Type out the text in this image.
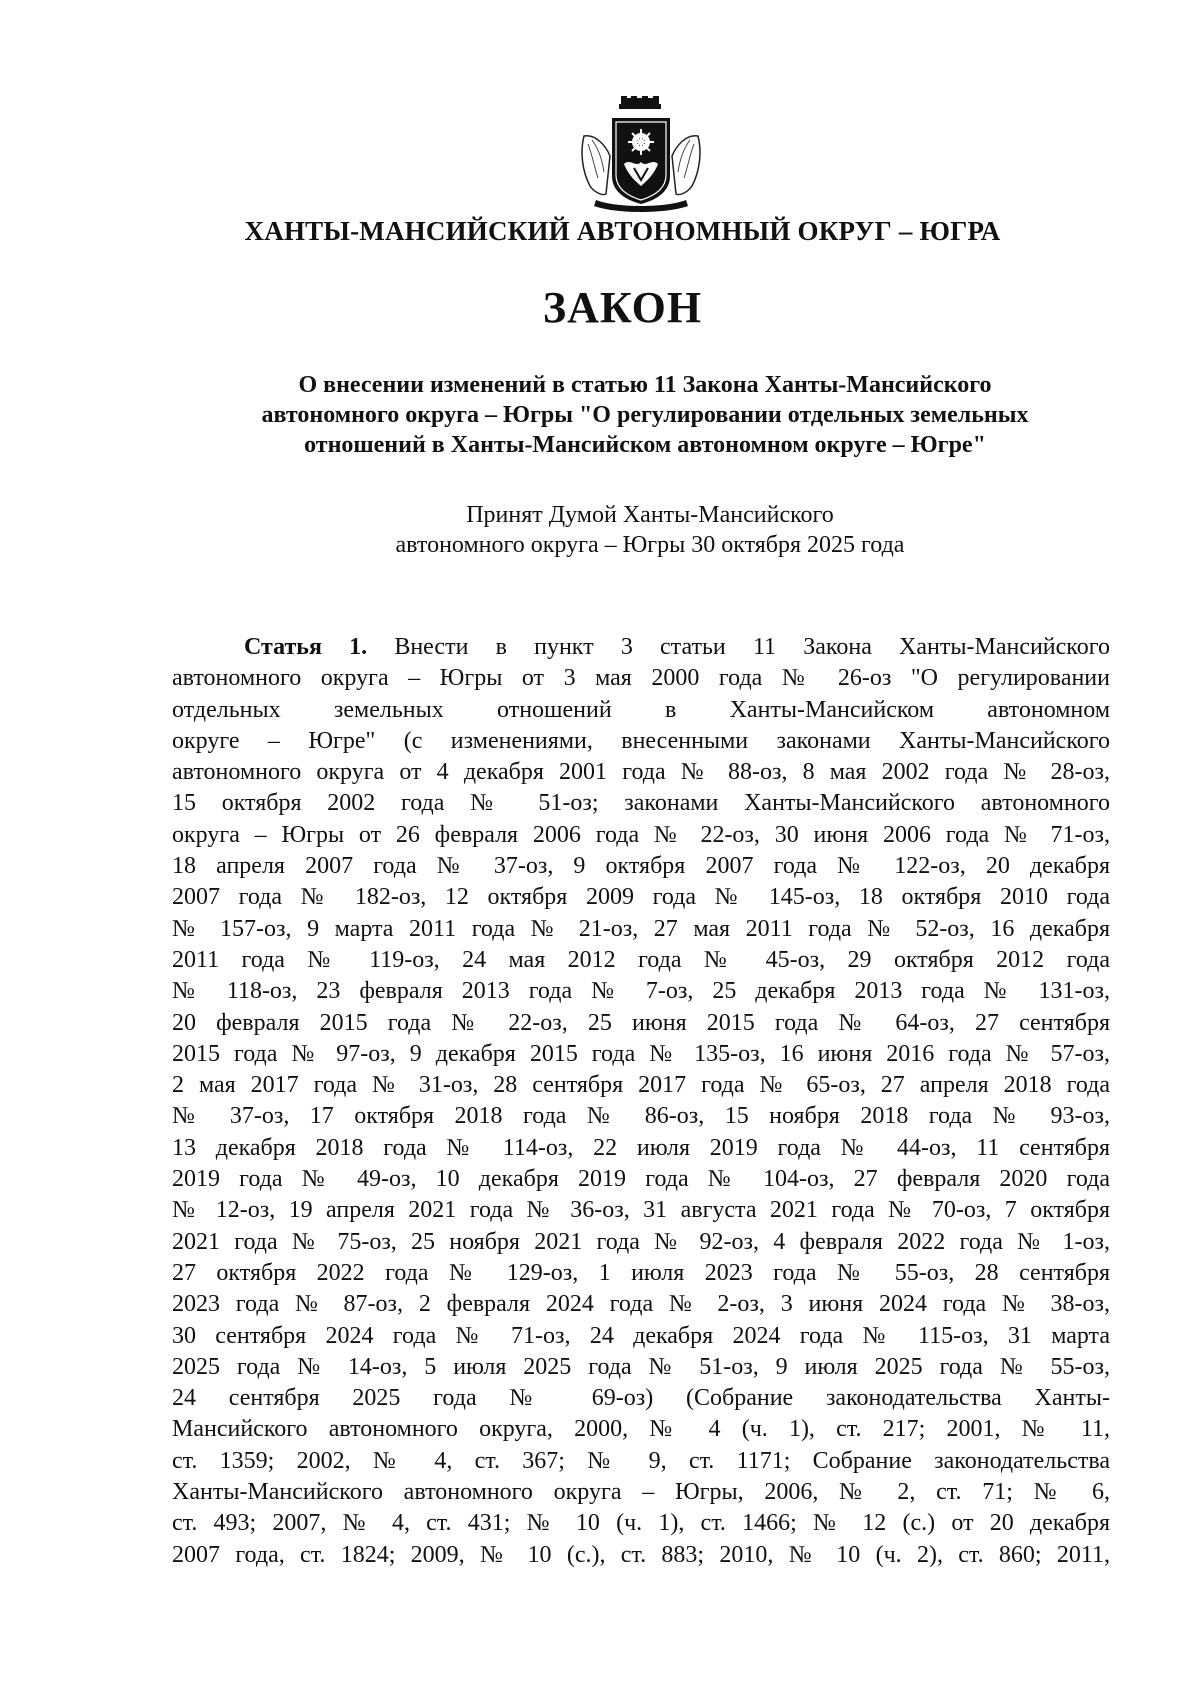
ХАНТЫ-МАНСИЙСКИЙ АВТОНОМНЫЙ ОКРУГ – ЮГРА
ЗАКОН
О внесении изменений в статью 11 Закона Ханты-Мансийского
автономного округа – Югры "О регулировании отдельных земельных
отношений в Ханты-Мансийском автономном округе – Югре"
Принят Думой Ханты-Мансийского
автономного округа – Югры 30 октября 2025 года
Статья 1. Внести в пункт 3 статьи 11 Закона Ханты-Мансийского
автономного округа – Югры от 3 мая 2000 года № 26-оз "О регулировании
отдельных земельных отношений в Ханты-Мансийском автономном
округе – Югре" (с изменениями, внесенными законами Ханты-Мансийского
автономного округа от 4 декабря 2001 года № 88-оз, 8 мая 2002 года № 28-оз,
15 октября 2002 года № 51-оз; законами Ханты-Мансийского автономного
округа – Югры от 26 февраля 2006 года № 22-оз, 30 июня 2006 года № 71-оз,
18 апреля 2007 года № 37-оз, 9 октября 2007 года № 122-оз, 20 декабря
2007 года № 182-оз, 12 октября 2009 года № 145-оз, 18 октября 2010 года
№ 157-оз, 9 марта 2011 года № 21-оз, 27 мая 2011 года № 52-оз, 16 декабря
2011 года № 119-оз, 24 мая 2012 года № 45-оз, 29 октября 2012 года
№ 118-оз, 23 февраля 2013 года № 7-оз, 25 декабря 2013 года № 131-оз,
20 февраля 2015 года № 22-оз, 25 июня 2015 года № 64-оз, 27 сентября
2015 года № 97-оз, 9 декабря 2015 года № 135-оз, 16 июня 2016 года № 57-оз,
2 мая 2017 года № 31-оз, 28 сентября 2017 года № 65-оз, 27 апреля 2018 года
№ 37-оз, 17 октября 2018 года № 86-оз, 15 ноября 2018 года № 93-оз,
13 декабря 2018 года № 114-оз, 22 июля 2019 года № 44-оз, 11 сентября
2019 года № 49-оз, 10 декабря 2019 года № 104-оз, 27 февраля 2020 года
№ 12-оз, 19 апреля 2021 года № 36-оз, 31 августа 2021 года № 70-оз, 7 октября
2021 года № 75-оз, 25 ноября 2021 года № 92-оз, 4 февраля 2022 года № 1-оз,
27 октября 2022 года № 129-оз, 1 июля 2023 года № 55-оз, 28 сентября
2023 года № 87-оз, 2 февраля 2024 года № 2-оз, 3 июня 2024 года № 38-оз,
30 сентября 2024 года № 71-оз, 24 декабря 2024 года № 115-оз, 31 марта
2025 года № 14-оз, 5 июля 2025 года № 51-оз, 9 июля 2025 года № 55-оз,
24 сентября 2025 года № 69-оз) (Собрание законодательства Ханты-
Мансийского автономного округа, 2000, № 4 (ч. 1), ст. 217; 2001, № 11,
ст. 1359; 2002, № 4, ст. 367; № 9, ст. 1171; Собрание законодательства
Ханты-Мансийского автономного округа – Югры, 2006, № 2, ст. 71; № 6,
ст. 493; 2007, № 4, ст. 431; № 10 (ч. 1), ст. 1466; № 12 (с.) от 20 декабря
2007 года, ст. 1824; 2009, № 10 (с.), ст. 883; 2010, № 10 (ч. 2), ст. 860; 2011,
